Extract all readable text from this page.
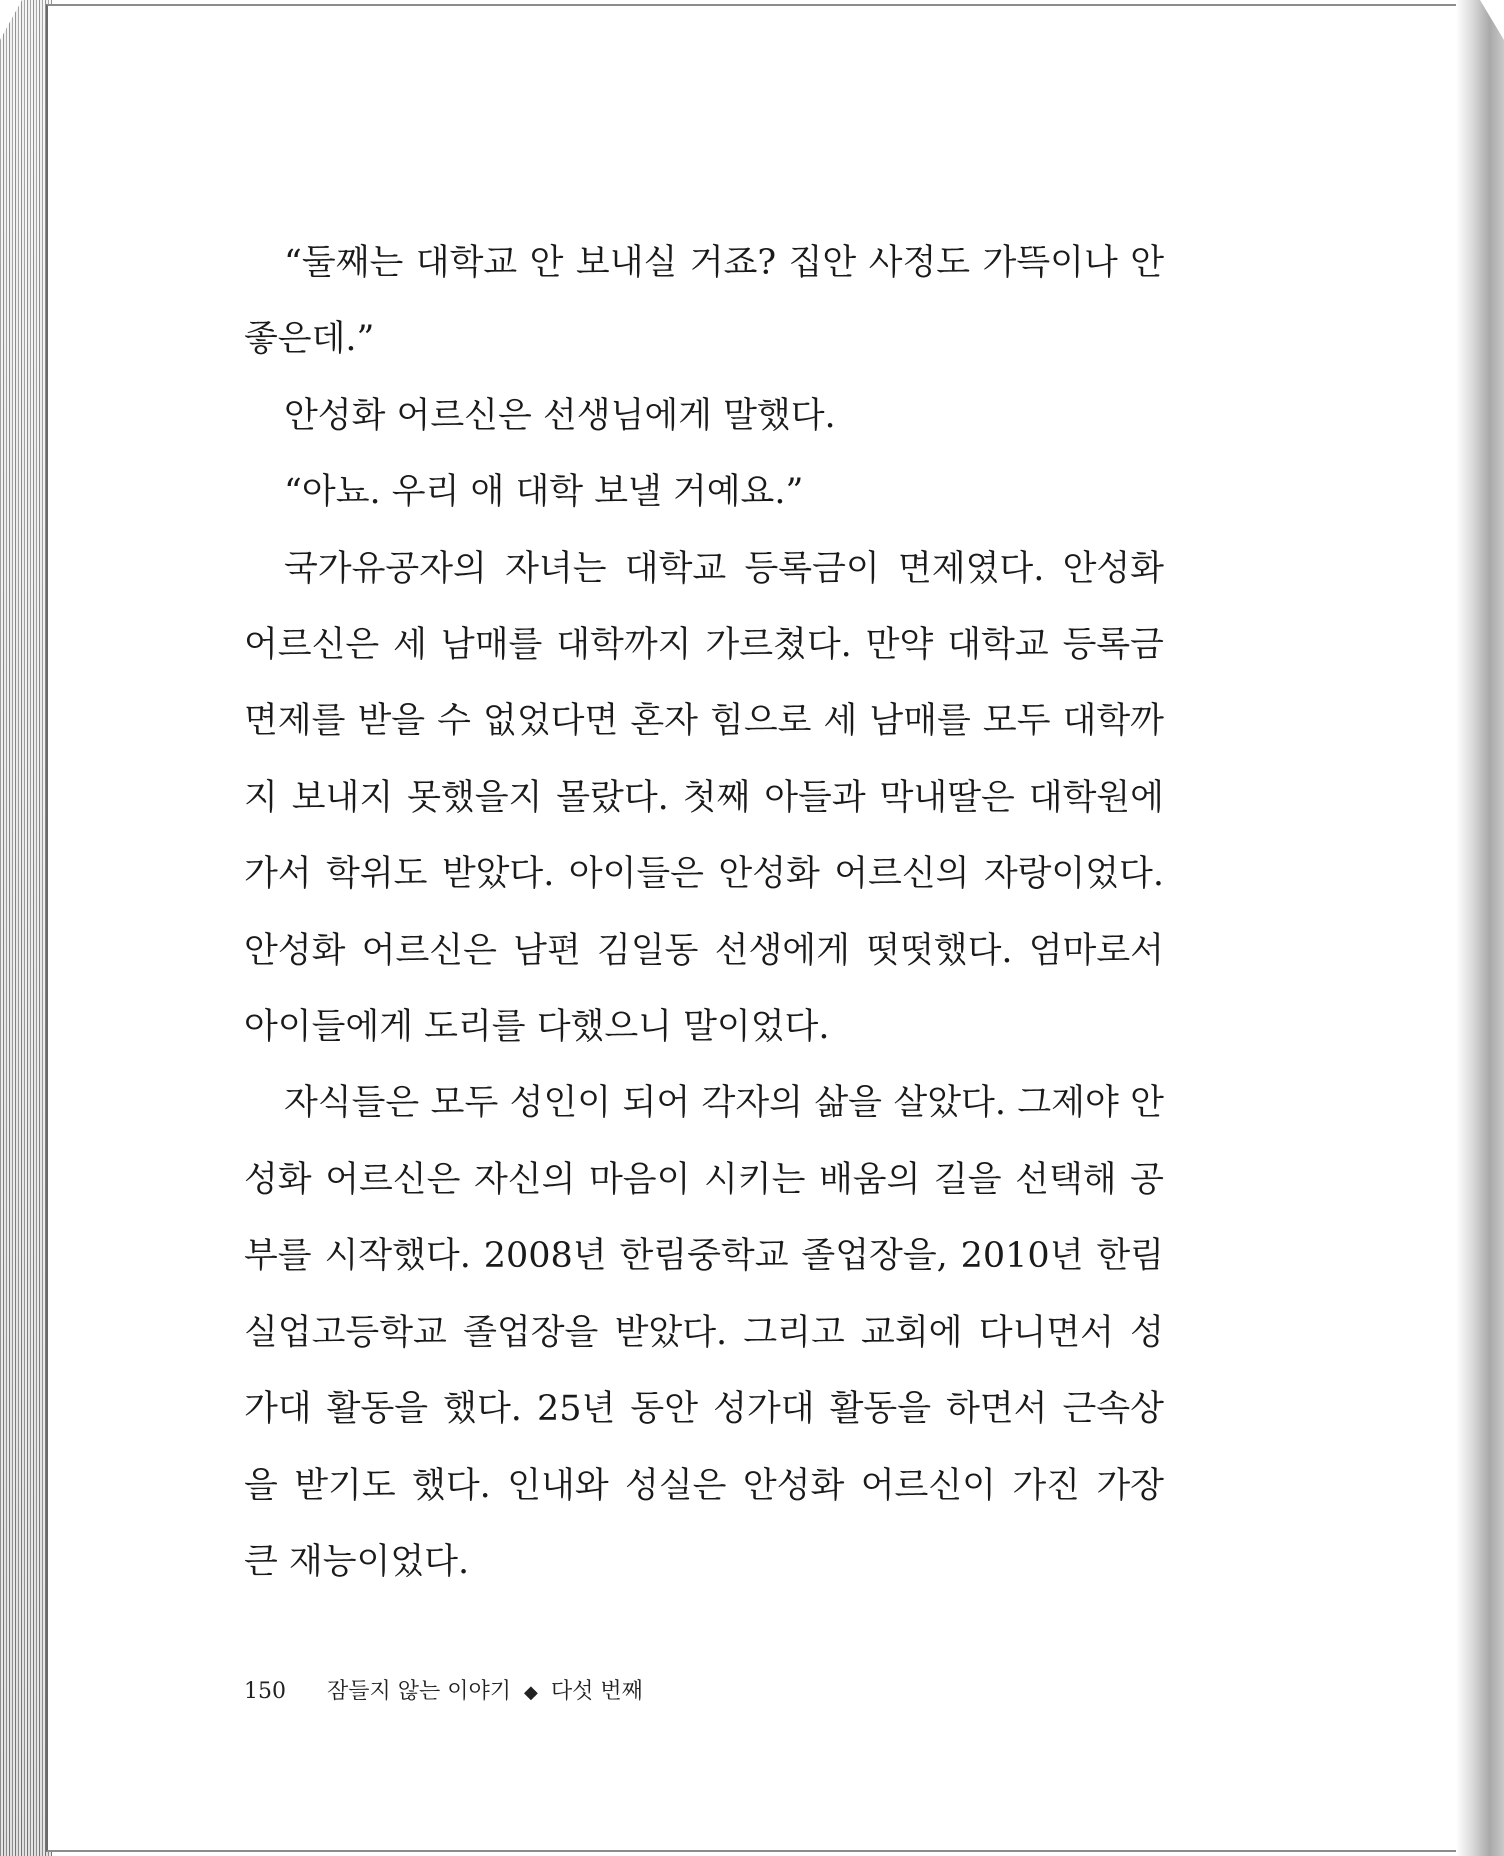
“둘째는 대학교 안 보내실 거죠? 집안 사정도 가뜩이나 안 좋은데.”

안성화 어르신은 선생님에게 말했다.

“아뇨. 우리 애 대학 보낼 거예요.”

국가유공자의 자녀는 대학교 등록금이 면제였다. 안성화 어르신은 세 남매를 대학까지 가르쳤다. 만약 대학교 등록금 면제를 받을 수 없었다면 혼자 힘으로 세 남매를 모두 대학까지 보내지 못했을지 몰랐다. 첫째 아들과 막내딸은 대학원에 가서 학위도 받았다. 아이들은 안성화 어르신의 자랑이었다. 안성화 어르신은 남편 김일동 선생에게 떳떳했다. 엄마로서 아이들에게 도리를 다했으니 말이었다.

자식들은 모두 성인이 되어 각자의 삶을 살았다. 그제야 안성화 어르신은 자신의 마음이 시키는 배움의 길을 선택해 공부를 시작했다. 2008년 한림중학교 졸업장을, 2010년 한림실업고등학교 졸업장을 받았다. 그리고 교회에 다니면서 성가대 활동을 했다. 25년 동안 성가대 활동을 하면서 근속상을 받기도 했다. 인내와 성실은 안성화 어르신이 가진 가장 큰 재능이었다.

150 잠들지 않는 이야기 ◆ 다섯 번째
